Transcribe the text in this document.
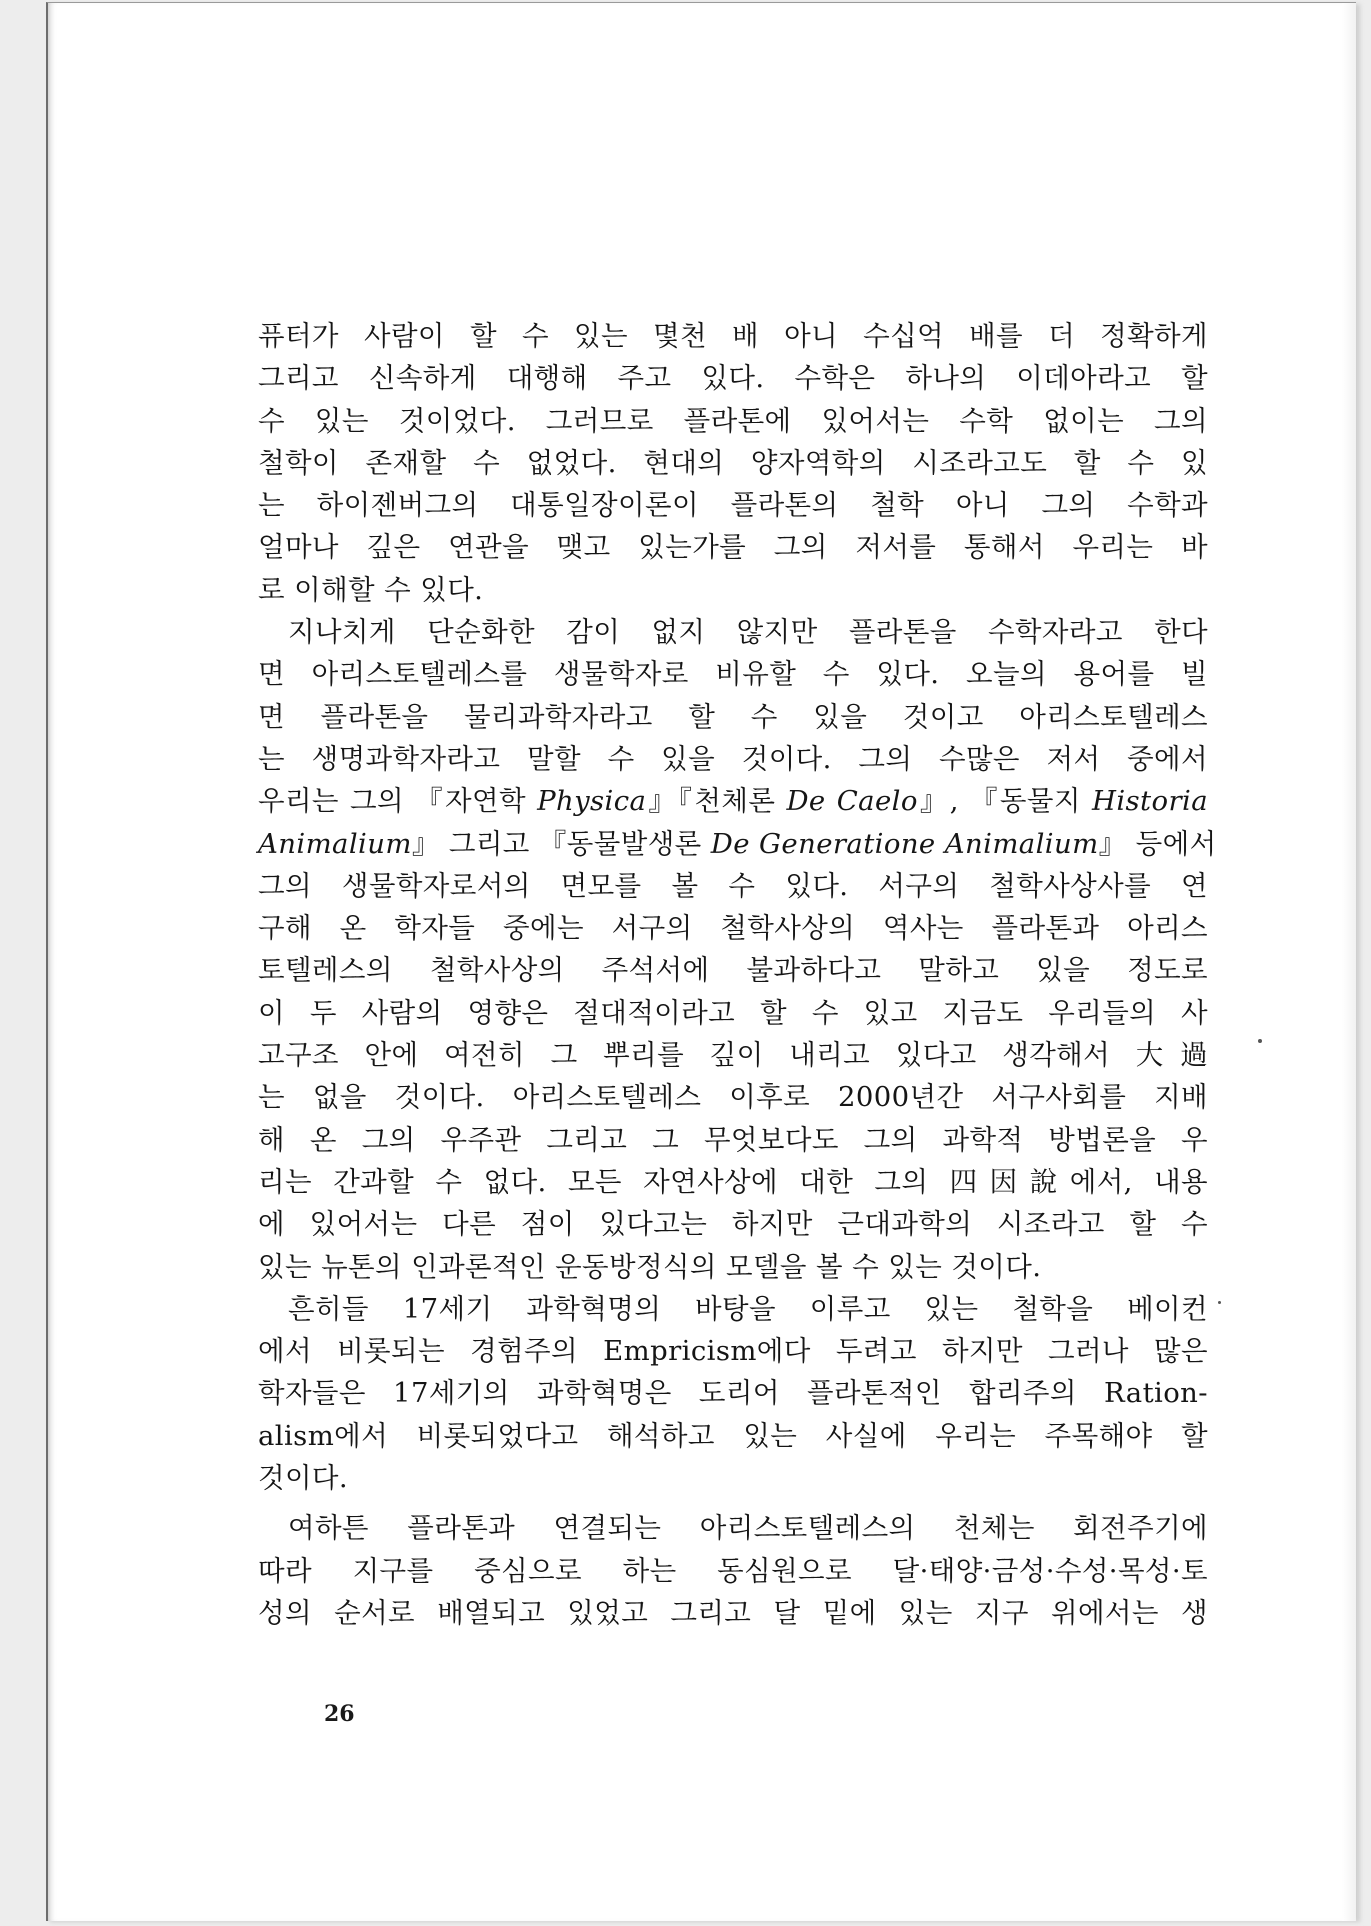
퓨터가 사람이 할 수 있는 몇천 배 아니 수십억 배를 더 정확하게
그리고 신속하게 대행해 주고 있다. 수학은 하나의 이데아라고 할
수 있는 것이었다. 그러므로 플라톤에 있어서는 수학 없이는 그의
철학이 존재할 수 없었다. 현대의 양자역학의 시조라고도 할 수 있
는 하이젠버그의 대통일장이론이 플라톤의 철학 아니 그의 수학과
얼마나 깊은 연관을 맺고 있는가를 그의 저서를 통해서 우리는 바
로 이해할 수 있다.
지나치게 단순화한 감이 없지 않지만 플라톤을 수학자라고 한다
면 아리스토텔레스를 생물학자로 비유할 수 있다. 오늘의 용어를 빌
면 플라톤을 물리과학자라고 할 수 있을 것이고 아리스토텔레스
는 생명과학자라고 말할 수 있을 것이다. 그의 수많은 저서 중에서
우리는 그의 『자연학 Physica』『천체론 De Caelo』, 『동물지 Historia
Animalium』 그리고 『동물발생론 De Generatione Animalium』 등에서
그의 생물학자로서의 면모를 볼 수 있다. 서구의 철학사상사를 연
구해 온 학자들 중에는 서구의 철학사상의 역사는 플라톤과 아리스
토텔레스의 철학사상의 주석서에 불과하다고 말하고 있을 정도로
이 두 사람의 영향은 절대적이라고 할 수 있고 지금도 우리들의 사
고구조 안에 여전히 그 뿌리를 깊이 내리고 있다고 생각해서 大過
는 없을 것이다. 아리스토텔레스 이후로 2000년간 서구사회를 지배
해 온 그의 우주관 그리고 그 무엇보다도 그의 과학적 방법론을 우
리는 간과할 수 없다. 모든 자연사상에 대한 그의 四因說에서, 내용
에 있어서는 다른 점이 있다고는 하지만 근대과학의 시조라고 할 수
있는 뉴톤의 인과론적인 운동방정식의 모델을 볼 수 있는 것이다.
흔히들 17세기 과학혁명의 바탕을 이루고 있는 철학을 베이컨
에서 비롯되는 경험주의 Empricism에다 두려고 하지만 그러나 많은
학자들은 17세기의 과학혁명은 도리어 플라톤적인 합리주의 Ration-
alism에서 비롯되었다고 해석하고 있는 사실에 우리는 주목해야 할
것이다.
여하튼 플라톤과 연결되는 아리스토텔레스의 천체는 회전주기에
따라 지구를 중심으로 하는 동심원으로 달·태양·금성·수성·목성·토
성의 순서로 배열되고 있었고 그리고 달 밑에 있는 지구 위에서는 생
26
